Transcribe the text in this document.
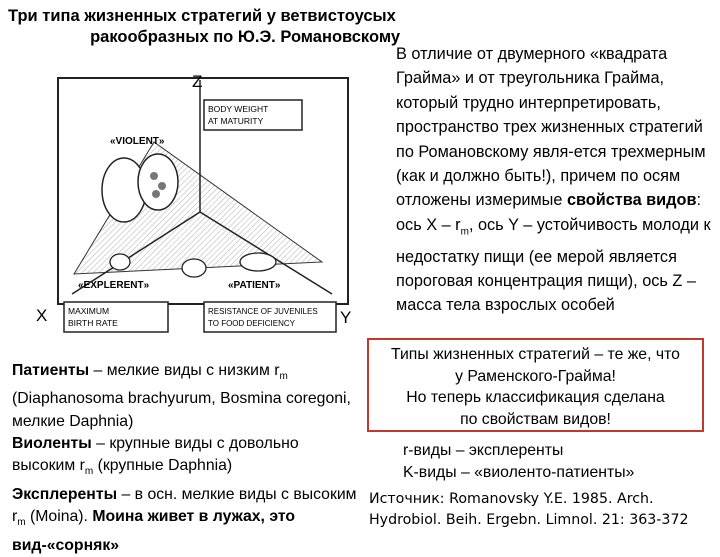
Три типа жизненных стратегий у ветвистоусых
ракообразных по Ю.Э. Романовскому
В отличие от двумерного «квадрата Грайма» и от треугольника Грайма, который трудно интерпретировать, пространство трех жизненных стратегий по Романовскому явля-ется трехмерным (как и должно быть!), причем по осям отложены измеримые свойства видов: ось X – $r_m$, ось Y – устойчивость молоди к недостатку пищи (ее мерой является пороговая концентрация пищи), ось Z – масса тела взрослых особей
BODY WEIGHT
AT MATURITY
MAXIMUM
BIRTH RATE
RESISTANCE OF JUVENILES
TO FOOD DEFICIENCY
«VIOLENT»
«EXPLERENT»	«PATIENT»
Z
X	Y
Патиенты – мелкие виды с низким $r_m$ (Diaphanosoma brachyurum, Bosmina coregoni, мелкие Daphnia)
Виоленты – крупные виды с довольно высоким $r_m$ (крупные Daphnia)
Эксплеренты – в осн. мелкие виды с высоким $r_m$ (Moina). Моина живет в лужах, это вид-«сорняк»
Типы жизненных стратегий – те же, что
у Раменского-Грайма!
Но теперь классификация сделана
по свойствам видов!
r-виды – эксплеренты
K-виды – «виоленто-патиенты»
Источник: Romanovsky Y.E. 1985. Arch.
Hydrobiol. Beih. Ergebn. Limnol. 21: 363-372
